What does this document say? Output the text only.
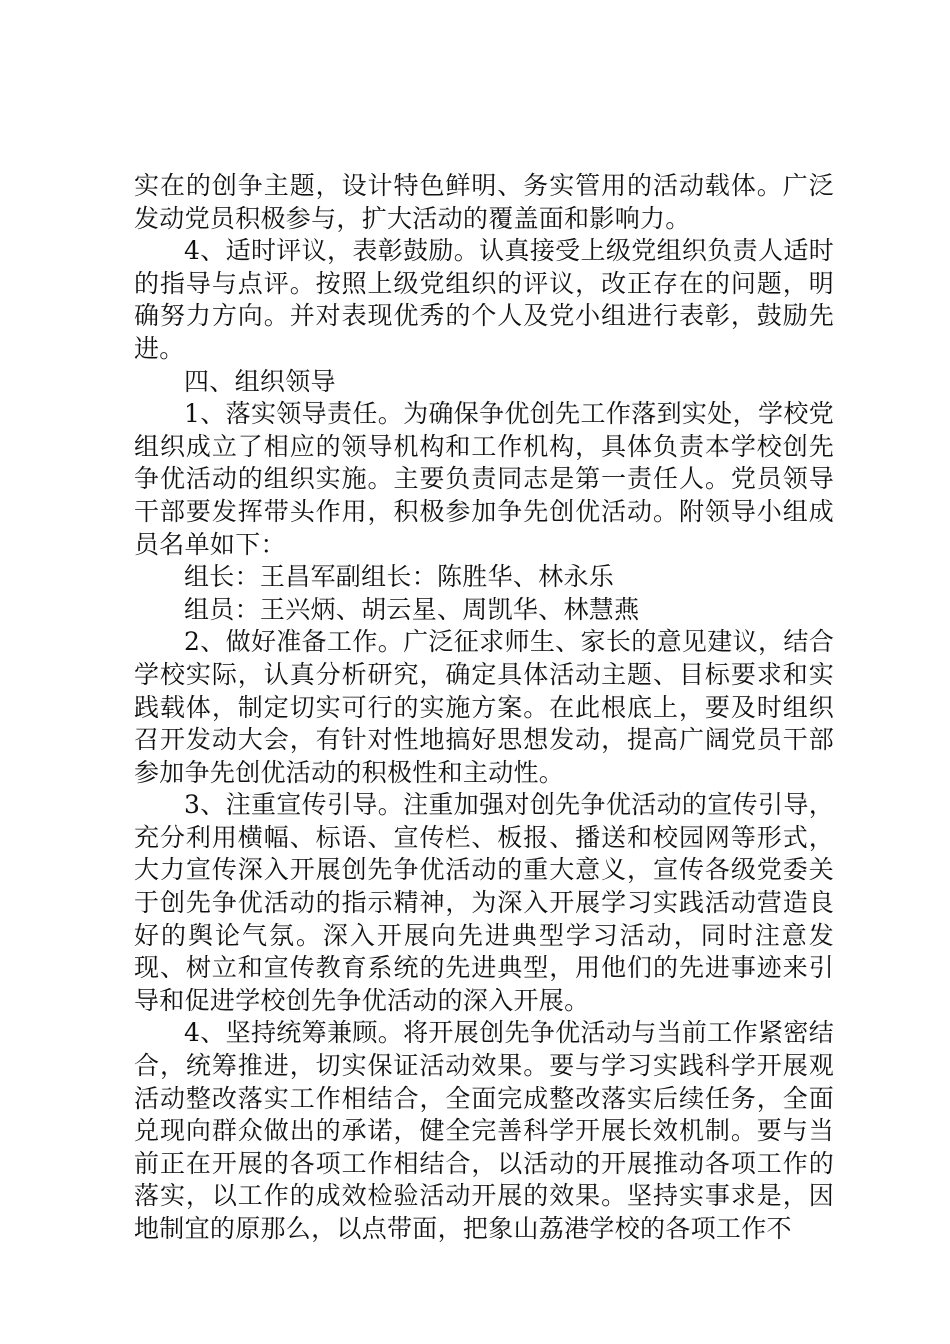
实在的创争主题，设计特色鲜明、务实管用的活动载体。广泛发动党员积极参与，扩大活动的覆盖面和影响力。

4、适时评议，表彰鼓励。认真接受上级党组织负责人适时的指导与点评。按照上级党组织的评议，改正存在的问题，明确努力方向。并对表现优秀的个人及党小组进行表彰，鼓励先进。

四、组织领导

1、落实领导责任。为确保争优创先工作落到实处，学校党组织成立了相应的领导机构和工作机构，具体负责本学校创先争优活动的组织实施。主要负责同志是第一责任人。党员领导干部要发挥带头作用，积极参加争先创优活动。附领导小组成员名单如下：

组长：王昌军副组长：陈胜华、林永乐

组员：王兴炳、胡云星、周凯华、林慧燕

2、做好准备工作。广泛征求师生、家长的意见建议，结合学校实际，认真分析研究，确定具体活动主题、目标要求和实践载体，制定切实可行的实施方案。在此根底上，要及时组织召开发动大会，有针对性地搞好思想发动，提高广阔党员干部参加争先创优活动的积极性和主动性。

3、注重宣传引导。注重加强对创先争优活动的宣传引导，充分利用横幅、标语、宣传栏、板报、播送和校园网等形式，大力宣传深入开展创先争优活动的重大意义，宣传各级党委关于创先争优活动的指示精神，为深入开展学习实践活动营造良好的舆论气氛。深入开展向先进典型学习活动，同时注意发现、树立和宣传教育系统的先进典型，用他们的先进事迹来引导和促进学校创先争优活动的深入开展。

4、坚持统筹兼顾。将开展创先争优活动与当前工作紧密结合，统筹推进，切实保证活动效果。要与学习实践科学开展观活动整改落实工作相结合，全面完成整改落实后续任务，全面兑现向群众做出的承诺，健全完善科学开展长效机制。要与当前正在开展的各项工作相结合，以活动的开展推动各项工作的落实，以工作的成效检验活动开展的效果。坚持实事求是，因地制宜的原那么，以点带面，把象山荔港学校的各项工作不
